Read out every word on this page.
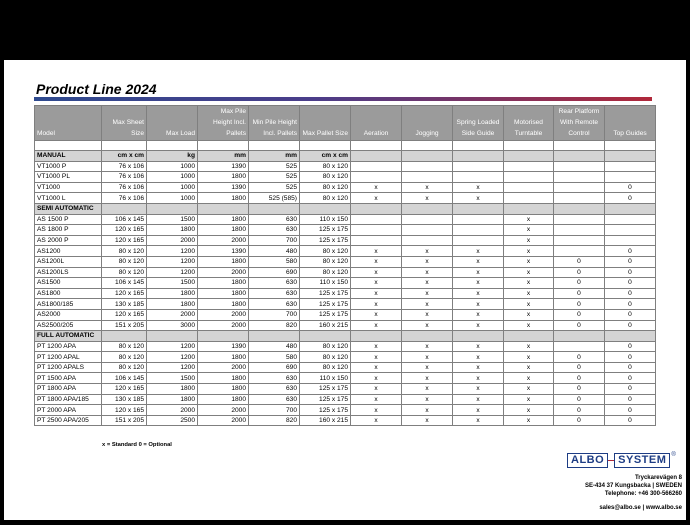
Product Line 2024
Model	Max Sheet Size	Max Load	Max Pile Height Incl. Pallets	Min Pile Height Incl. Pallets	Max Pallet Size	Aeration	Jogging	Spring Loaded Side Guide	Motorised Turntable	Rear Platform With Remote Control	Top Guides

MANUAL	cm x cm	kg	mm	mm	cm x cm						
VT1000 P	76 x 106	1000	1390	525	80 x 120						
VT1000 PL	76 x 106	1000	1800	525	80 x 120						
VT1000	76 x 106	1000	1390	525	80 x 120	x	x	x			0
VT1000 L	76 x 106	1000	1800	525 (585)	80 x 120	x	x	x			0
SEMI AUTOMATIC											
AS 1500 P	106 x 145	1500	1800	630	110 x 150				x		
AS 1800 P	120 x 165	1800	1800	630	125 x 175				x		
AS 2000 P	120 x 165	2000	2000	700	125 x 175				x		
AS1200	80 x 120	1200	1390	480	80 x 120	x	x	x	x		0
AS1200L	80 x 120	1200	1800	580	80 x 120	x	x	x	x	0	0
AS1200LS	80 x 120	1200	2000	690	80 x 120	x	x	x	x	0	0
AS1500	106 x 145	1500	1800	630	110 x 150	x	x	x	x	0	0
AS1800	120 x 165	1800	1800	630	125 x 175	x	x	x	x	0	0
AS1800/185	130 x 185	1800	1800	630	125 x 175	x	x	x	x	0	0
AS2000	120 x 165	2000	2000	700	125 x 175	x	x	x	x	0	0
AS2500/205	151 x 205	3000	2000	820	160 x 215	x	x	x	x	0	0
FULL AUTOMATIC											
PT 1200 APA	80 x 120	1200	1390	480	80 x 120	x	x	x	x		0
PT 1200 APAL	80 x 120	1200	1800	580	80 x 120	x	x	x	x	0	0
PT 1200 APALS	80 x 120	1200	2000	690	80 x 120	x	x	x	x	0	0
PT 1500 APA	106 x 145	1500	1800	630	110 x 150	x	x	x	x	0	0
PT 1800 APA	120 x 165	1800	1800	630	125 x 175	x	x	x	x	0	0
PT 1800 APA/185	130 x 185	1800	1800	630	125 x 175	x	x	x	x	0	0
PT 2000 APA	120 x 165	2000	2000	700	125 x 175	x	x	x	x	0	0
PT 2500 APA/205	151 x 205	2500	2000	820	160 x 215	x	x	x	x	0	0
x = Standard 0 = Optional
ALBO	SYSTEM ®
Tryckarevägen 8
SE-434 37 Kungsbacka | SWEDEN
Telephone: +46 300-566260
sales@albo.se | www.albo.se
